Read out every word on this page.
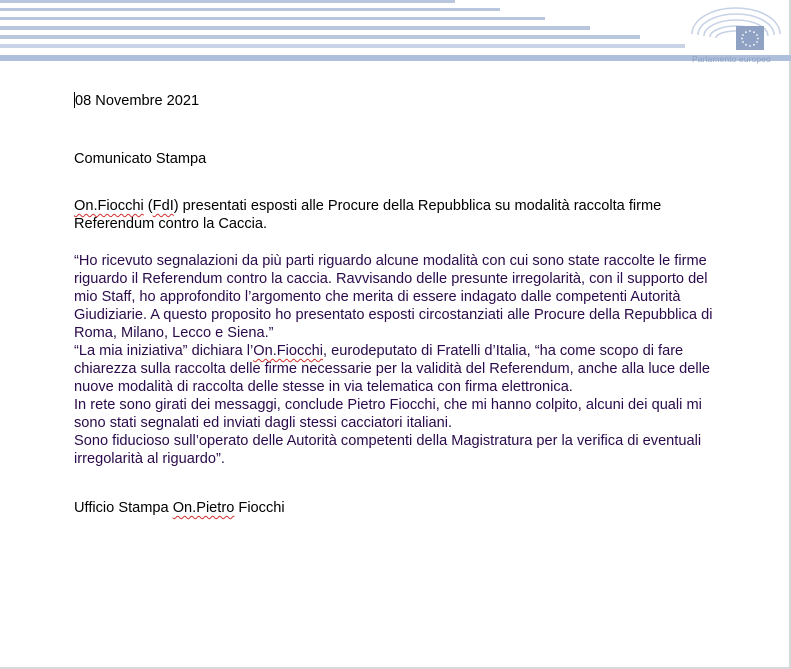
Parlamento europeo
08 Novembre 2021
Comunicato Stampa
On.Fiocchi (FdI) presentati esposti alle Procure della Repubblica su modalità raccolta firme Referendum contro la Caccia.

“Ho ricevuto segnalazioni da più parti riguardo alcune modalità con cui sono state raccolte le firme riguardo il Referendum contro la caccia. Ravvisando delle presunte irregolarità, con il supporto del mio Staff, ho approfondito l’argomento che merita di essere indagato dalle competenti Autorità Giudiziarie. A questo proposito ho presentato esposti circostanziati alle Procure della Repubblica di Roma, Milano, Lecco e Siena.”

“La mia iniziativa” dichiara l’On.Fiocchi, eurodeputato di Fratelli d’Italia, “ha come scopo di fare chiarezza sulla raccolta delle firme necessarie per la validità del Referendum, anche alla luce delle nuove modalità di raccolta delle stesse in via telematica con firma elettronica.

In rete sono girati dei messaggi, conclude Pietro Fiocchi, che mi hanno colpito, alcuni dei quali mi sono stati segnalati ed inviati dagli stessi cacciatori italiani.

Sono fiducioso sull’operato delle Autorità competenti della Magistratura per la verifica di eventuali irregolarità al riguardo”.

Ufficio Stampa On.Pietro Fiocchi
